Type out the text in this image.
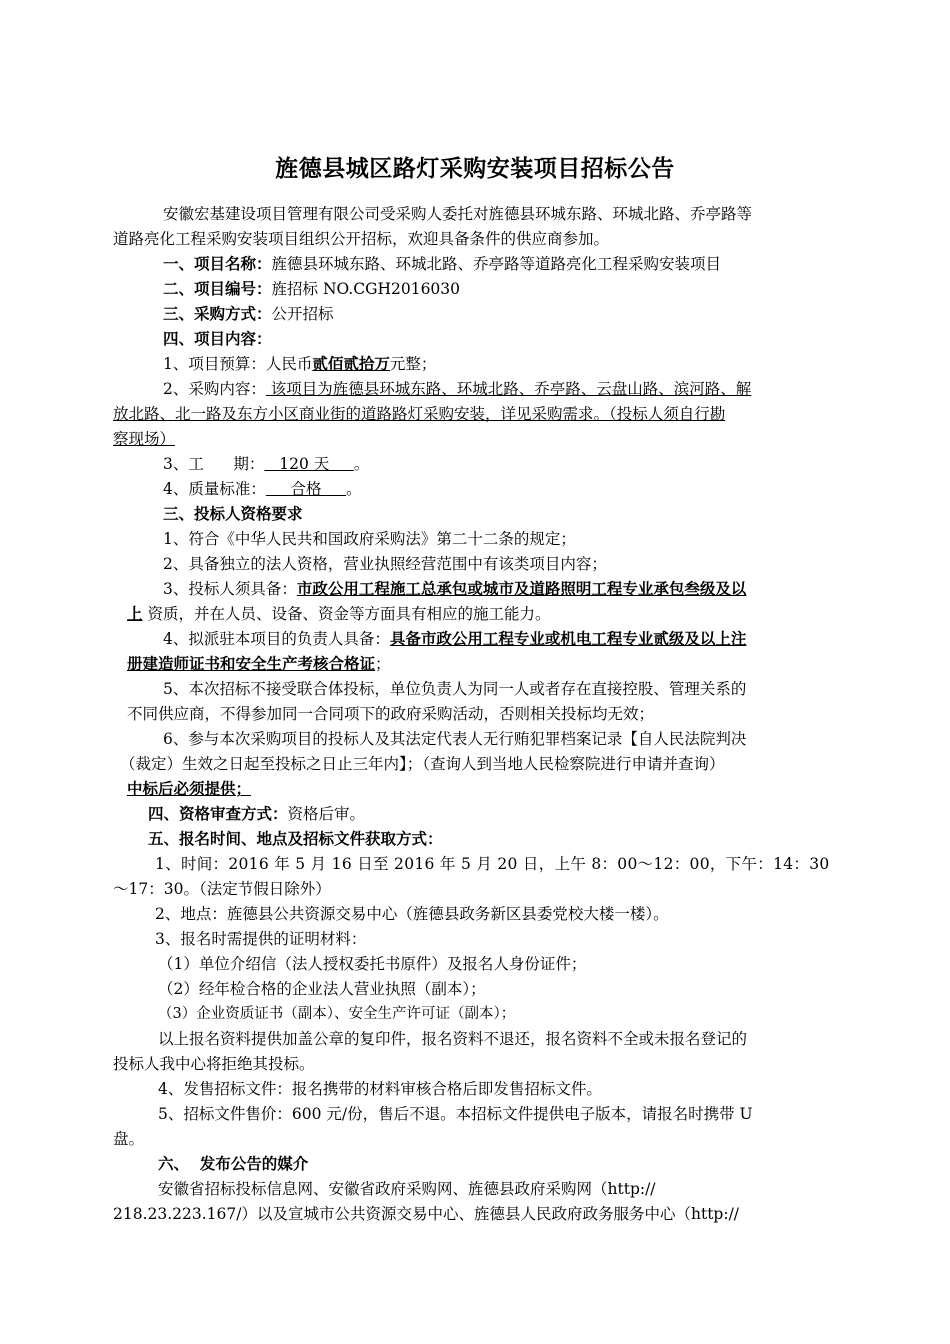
旌德县城区路灯采购安装项目招标公告
安徽宏基建设项目管理有限公司受采购人委托对旌德县环城东路、环城北路、乔亭路等
道路亮化工程采购安装项目组织公开招标，欢迎具备条件的供应商参加。
一、项目名称：旌德县环城东路、环城北路、乔亭路等道路亮化工程采购安装项目
二、项目编号：旌招标 NO.CGH2016030
三、采购方式：公开招标
四、项目内容：
1、项目预算：人民币贰佰贰拾万元整；
2、采购内容： 该项目为旌德县环城东路、环城北路、乔亭路、云盘山路、滨河路、解
放北路、北一路及东方小区商业街的道路路灯采购安装，详见采购需求。（投标人须自行勘
察现场）
3、工      期：   120 天     。
4、质量标准：     合格     。
三、投标人资格要求
1、符合《中华人民共和国政府采购法》第二十二条的规定；
2、具备独立的法人资格，营业执照经营范围中有该类项目内容；
3、投标人须具备：市政公用工程施工总承包或城市及道路照明工程专业承包叁级及以
上 资质，并在人员、设备、资金等方面具有相应的施工能力。
4、拟派驻本项目的负责人具备：具备市政公用工程专业或机电工程专业贰级及以上注
册建造师证书和安全生产考核合格证；
5、本次招标不接受联合体投标，单位负责人为同一人或者存在直接控股、管理关系的
不同供应商，不得参加同一合同项下的政府采购活动，否则相关投标均无效；
6、参与本次采购项目的投标人及其法定代表人无行贿犯罪档案记录【自人民法院判决
（裁定）生效之日起至投标之日止三年内】；（查询人到当地人民检察院进行申请并查询）
中标后必须提供；
四、资格审查方式：资格后审。
五、报名时间、地点及招标文件获取方式：
1、时间：2016 年 5 月 16 日至 2016 年 5 月 20 日，上午 8：00～12：00，下午：14：30
～17：30。（法定节假日除外）
2、地点：旌德县公共资源交易中心（旌德县政务新区县委党校大楼一楼）。
3、报名时需提供的证明材料：
（1）单位介绍信（法人授权委托书原件）及报名人身份证件；
（2）经年检合格的企业法人营业执照（副本）；
（3）企业资质证书（副本）、安全生产许可证（副本）；
以上报名资料提供加盖公章的复印件，报名资料不退还，报名资料不全或未报名登记的
投标人我中心将拒绝其投标。
4、发售招标文件：报名携带的材料审核合格后即发售招标文件。
5、招标文件售价：600 元/份，售后不退。本招标文件提供电子版本，请报名时携带 U
盘。
六、  发布公告的媒介
安徽省招标投标信息网、安徽省政府采购网、旌德县政府采购网（http://
218.23.223.167/）以及宣城市公共资源交易中心、旌德县人民政府政务服务中心（http://
